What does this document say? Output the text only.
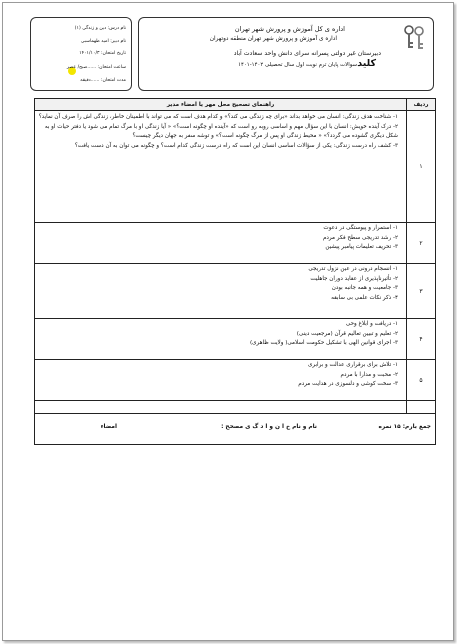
نام درس: دین و زندگی (۱)
نام دبیر: امید طهماسبی
تاریخ امتحان: ۱۴۰۱/۱۰/۳
ساعت امتحان: ......صبح/ عصر
مدت امتحان: ......دقیقه
اداره ی کل آموزش و پرورش شهر تهران
اداره ی آموزش و پرورش شهر تهران منطقه دوتهران
دبیرستان غیر دولتی پسرانه سرای دانش واحد سعادت آباد
سوالات پایان ترم نوبت اول سال تحصیلی ۱۴۰۲-۱۴۰۱ کلید
ردیف	راهنمای تصحیح محل مهر یا امضاء مدیر
۱	۱- شناخت هدف زندگی: انسان می خواهد بداند «برای چه زندگی می کند؟» و کدام هدف است که می تواند با اطمینان خاطر، زندگی اش را صرف آن نماید؟
۲- درک آینده خویش: انسان با این سؤال مهم و اساسی روبه رو است که «آینده او چگونه است؟» « آیا زندگی او با مرگ تمام می شود یا دفتر حیات او به شکل دیگری گشوده می گردد؟» « محیط زندگی او پس از مرگ چگونه است؟» و توشه سفر به جهان دیگر چیست؟
۳- کشف راه درست زندگی: یکی از سؤالات اساسی انسان این است که راه درست زندگی کدام است؟ و چگونه می توان به آن دست یافت؟

۲	۱- استمرار و پیوستگی در دعوت
۲- رشد تدریجی سطح فکر مردم
۳- تحریف تعلیمات پیامبر پیشین

۳	۱- انسجام درونی در عین نزول تدریجی
۲- تأثیرناپذیری از عقاید دوران جاهلیت
۳- جامعیت و همه جانبه بودن
۴- ذکر نکات علمی بی سابقه

۴	۱- دریافت و ابلاغ وحی
۲- تعلیم و تبیین تعالیم قرآن (مرجعیت دینی)
۳- اجرای قوانین الهی با تشکیل حکومت اسلامی( ولایت ظاهری)

۵	۱- تلاش برای برقراری عدالت و برابری
۲- محبت و مدارا با مردم
۳- سخت کوشی و دلسوزی در هدایت مردم

جمع بارم: ۱۵ نمره
نام و نام خ ا ن و ا د گ ی مصحح :
امضاء	
